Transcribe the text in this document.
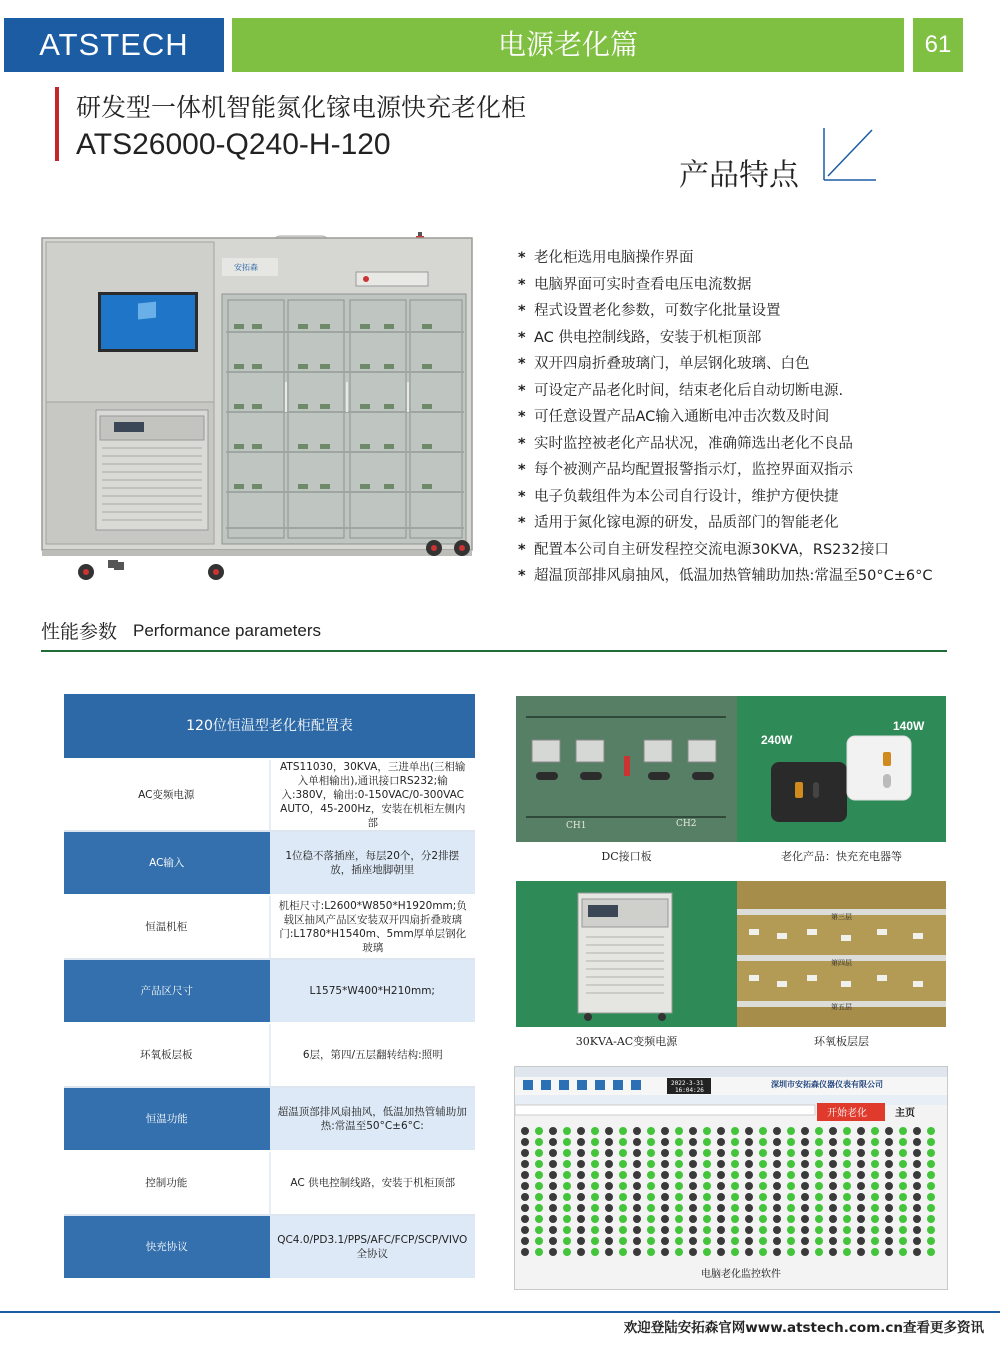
ATSTECH	电源老化篇	61
研发型一体机智能氮化镓电源快充老化柜
ATS26000-Q240-H-120
产品特点
安拓森
* 老化柜选用电脑操作界面
* 电脑界面可实时查看电压电流数据
* 程式设置老化参数，可数字化批量设置
* AC 供电控制线路，安装于机柜顶部
* 双开四扇折叠玻璃门，单层钢化玻璃、白色
* 可设定产品老化时间，结束老化后自动切断电源.
* 可任意设置产品AC输入通断电冲击次数及时间
* 实时监控被老化产品状况，准确筛选出老化不良品
* 每个被测产品均配置报警指示灯，监控界面双指示
* 电子负载组件为本公司自行设计，维护方便快捷
* 适用于氮化镓电源的研发，品质部门的智能老化
* 配置本公司自主研发程控交流电源30KVA，RS232接口
* 超温顶部排风扇抽风，低温加热管辅助加热:常温至50°C±6°C
性能参数 Performance parameters
120位恒温型老化柜配置表	
AC变频电源	ATS11030，30KVA，三进单出(三相输入单相输出),通讯接口RS232;输入:380V，输出:0-150VAC/0-300VAC AUTO，45-200Hz，安装在机柜左侧内部
AC输入	1位稳不落插座，每层20个，分2排摆放，插座地脚朝里
恒温机柜	机柜尺寸:L2600*W850*H1920mm;负载区抽风产品区安装双开四扇折叠玻璃门:L1780*H1540m、5mm厚单层钢化玻璃
产品区尺寸	L1575*W400*H210mm;
环氧板层板	6层，第四/五层翻转结构:照明
恒温功能	超温顶部排风扇抽风，低温加热管辅助加热:常温至50°C±6°C:
控制功能	AC 供电控制线路，安装于机柜顶部
快充协议	QC4.0/PD3.1/PPS/AFC/FCP/SCP/VIVO全协议
CH1	CH2
DC接口板
240W
140W
老化产品：快充充电器等
30KVA-AC变频电源
第三层
第四层
第五层
环氧板层层
2022-3-31
16:04:26
深圳市安拓森仪器仪表有限公司
开始老化	主页
电脑老化监控软件
欢迎登陆安拓森官网www.atstech.com.cn查看更多资讯
